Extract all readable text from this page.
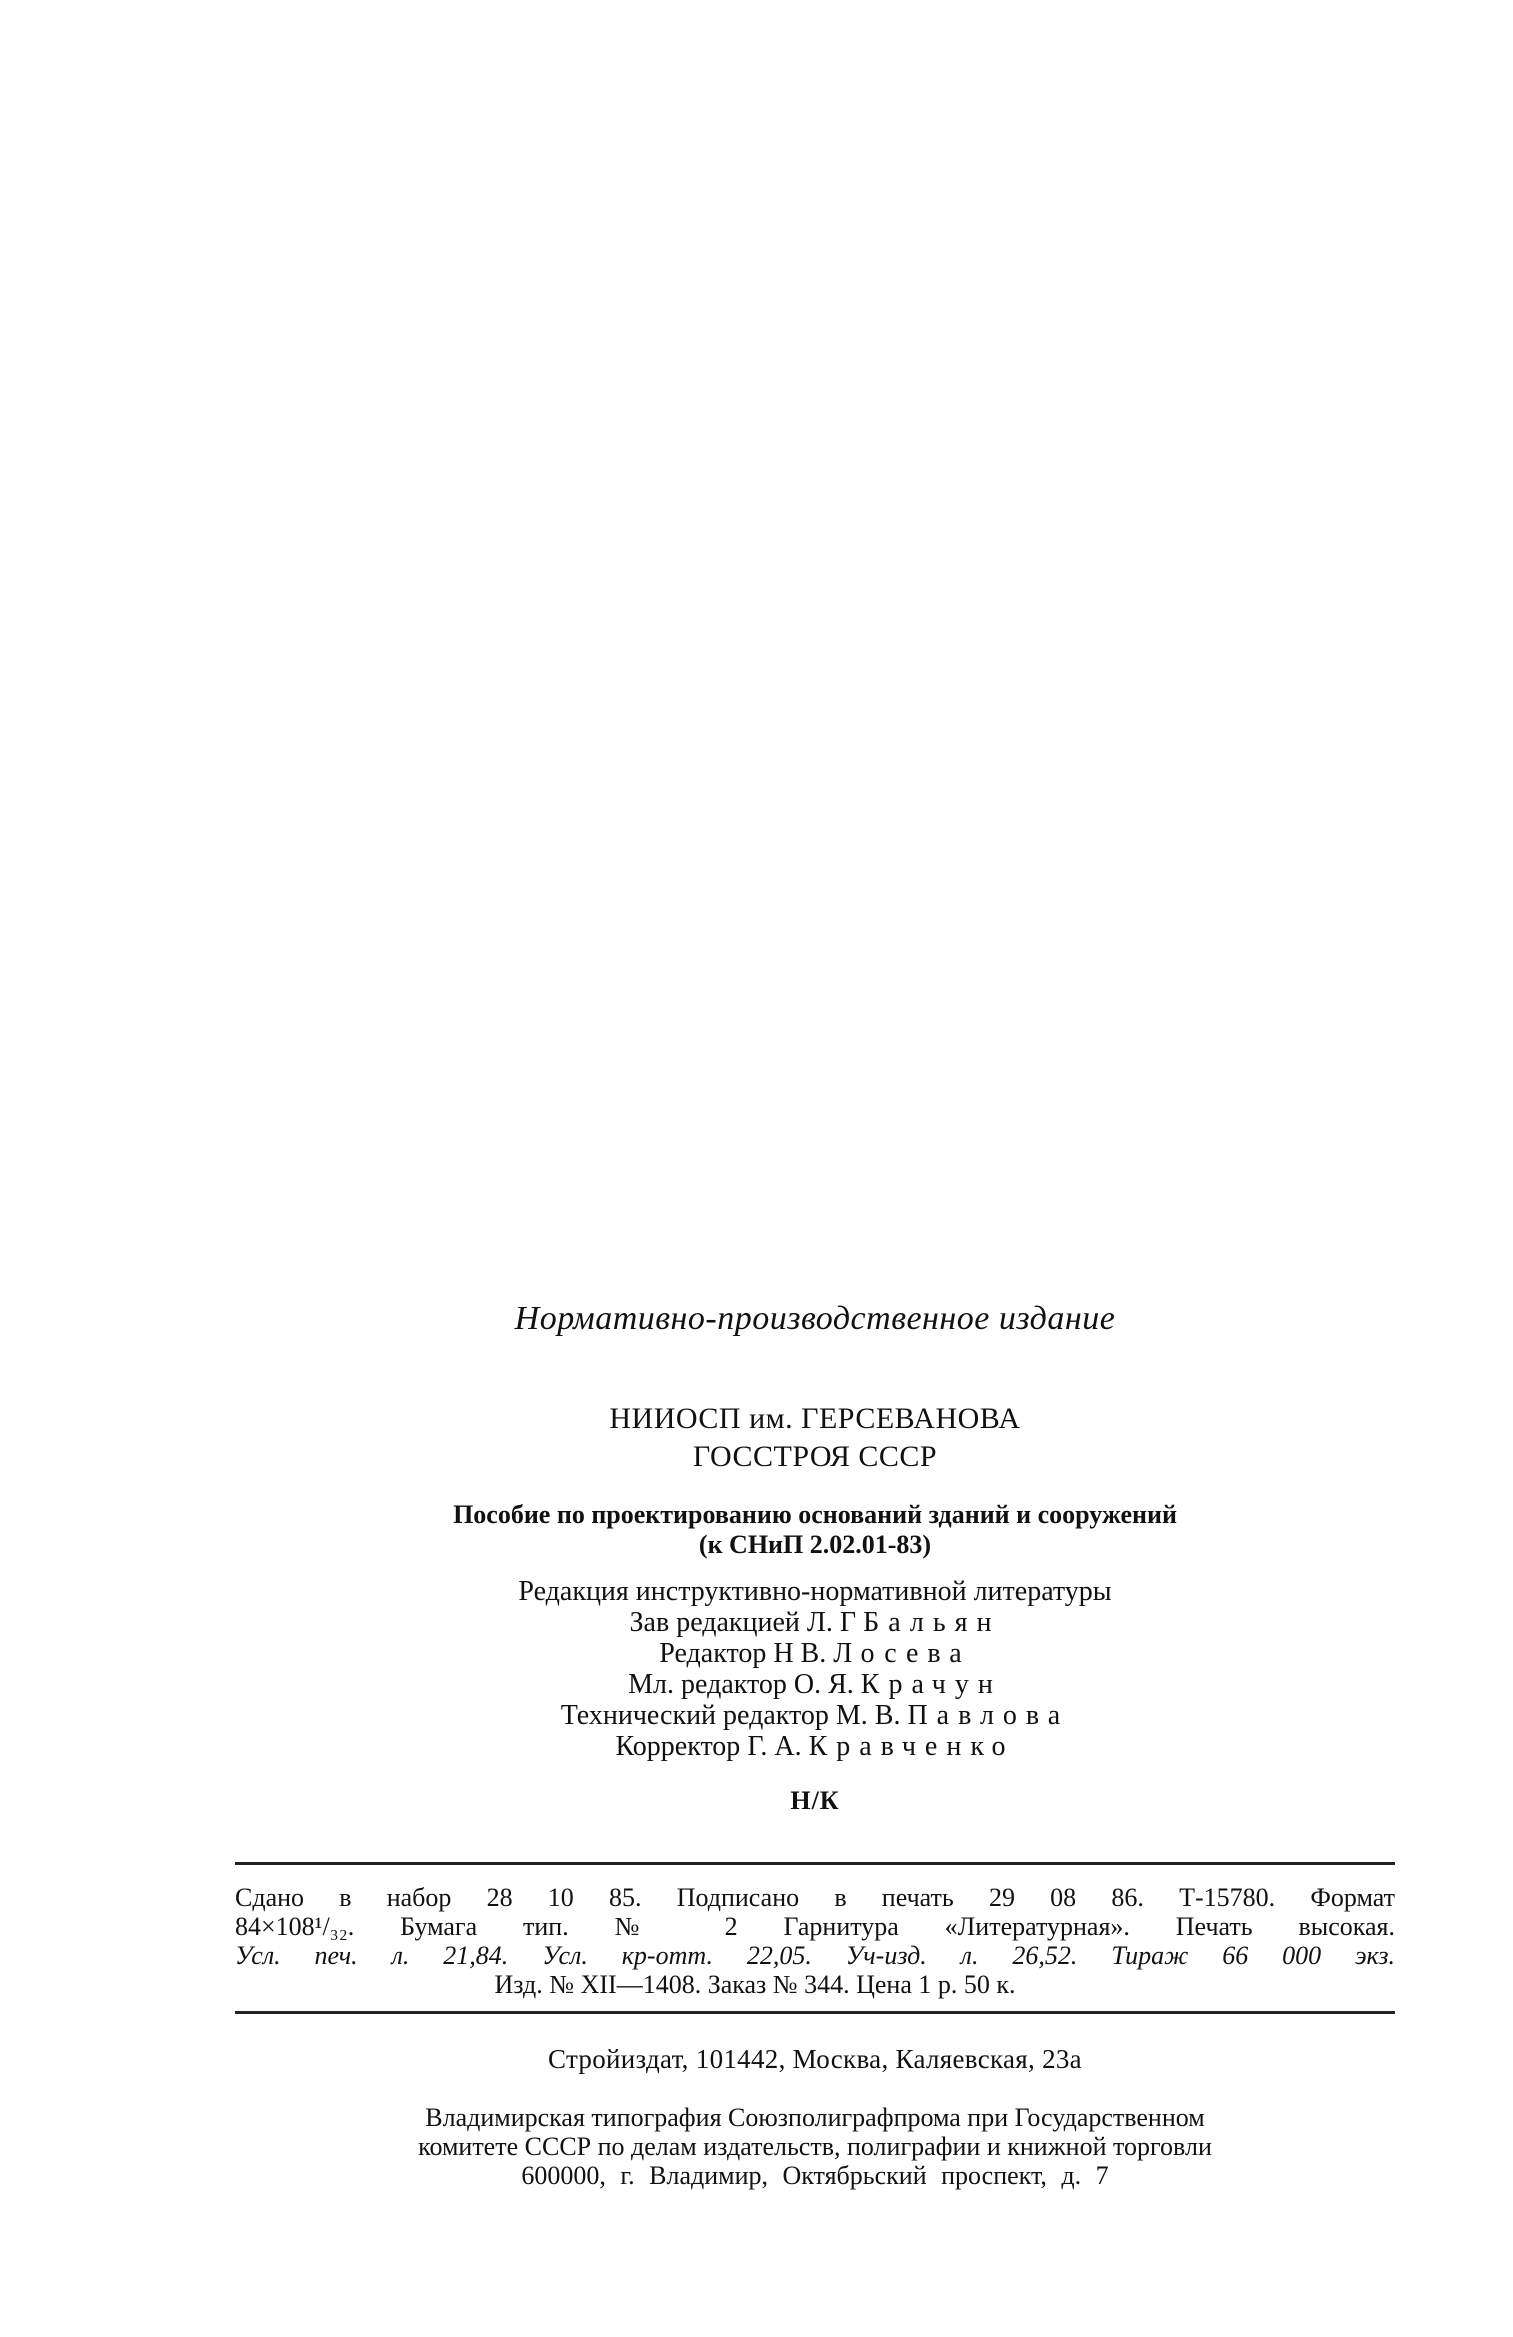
Нормативно-производственное издание
НИИОСП им. ГЕРСЕВАНОВА
ГОССТРОЯ СССР
Пособие по проектированию оснований зданий и сооружений
(к СНиП 2.02.01-83)
Редакция инструктивно-нормативной литературы
Зав редакцией Л. Г Бальян
Редактор Н В. Лосева
Мл. редактор О. Я. Крачун
Технический редактор М. В. Павлова
Корректор Г. А. Кравченко
Н/К
Сдано в набор 28 10 85. Подписано в печать 29 08 86. Т-15780. Формат
84×108¹/₃₂. Бумага тип. № 2 Гарнитура «Литературная». Печать высокая.
Усл. печ. л. 21,84. Усл. кр-отт. 22,05. Уч-изд. л. 26,52. Тираж 66 000 экз.
Изд. № XII—1408. Заказ № 344. Цена 1 р. 50 к.
Стройиздат, 101442, Москва, Каляевская, 23а
Владимирская типография Союзполиграфпрома при Государственном
комитете СССР по делам издательств, полиграфии и книжной торговли
600000, г. Владимир, Октябрьский проспект, д. 7
